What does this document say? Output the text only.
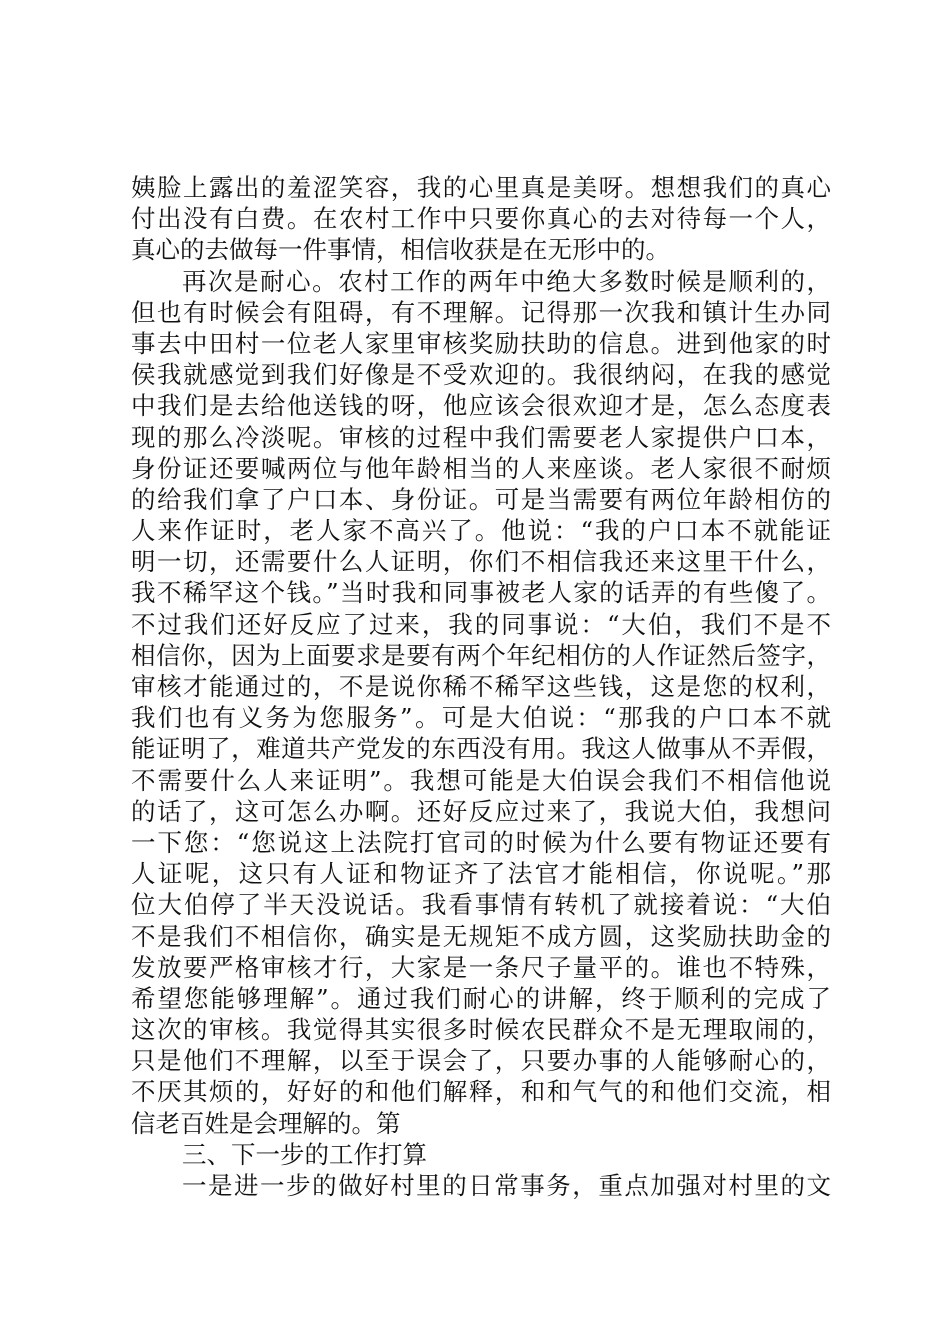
姨脸上露出的羞涩笑容，我的心里真是美呀。想想我们的真心
付出没有白费。在农村工作中只要你真心的去对待每一个人，
真心的去做每一件事情，相信收获是在无形中的。
再次是耐心。农村工作的两年中绝大多数时候是顺利的，
但也有时候会有阻碍，有不理解。记得那一次我和镇计生办同
事去中田村一位老人家里审核奖励扶助的信息。进到他家的时
侯我就感觉到我们好像是不受欢迎的。我很纳闷，在我的感觉
中我们是去给他送钱的呀，他应该会很欢迎才是，怎么态度表
现的那么冷淡呢。审核的过程中我们需要老人家提供户口本，
身份证还要喊两位与他年龄相当的人来座谈。老人家很不耐烦
的给我们拿了户口本、身份证。可是当需要有两位年龄相仿的
人来作证时，老人家不高兴了。他说：“我的户口本不就能证
明一切，还需要什么人证明，你们不相信我还来这里干什么，
我不稀罕这个钱。”当时我和同事被老人家的话弄的有些傻了。
不过我们还好反应了过来，我的同事说：“大伯，我们不是不
相信你，因为上面要求是要有两个年纪相仿的人作证然后签字，
审核才能通过的，不是说你稀不稀罕这些钱，这是您的权利，
我们也有义务为您服务”。可是大伯说：“那我的户口本不就
能证明了，难道共产党发的东西没有用。我这人做事从不弄假，
不需要什么人来证明”。我想可能是大伯误会我们不相信他说
的话了，这可怎么办啊。还好反应过来了，我说大伯，我想问
一下您：“您说这上法院打官司的时候为什么要有物证还要有
人证呢，这只有人证和物证齐了法官才能相信，你说呢。”那
位大伯停了半天没说话。我看事情有转机了就接着说：“大伯
不是我们不相信你，确实是无规矩不成方圆，这奖励扶助金的
发放要严格审核才行，大家是一条尺子量平的。谁也不特殊，
希望您能够理解”。通过我们耐心的讲解，终于顺利的完成了
这次的审核。我觉得其实很多时候农民群众不是无理取闹的，
只是他们不理解，以至于误会了，只要办事的人能够耐心的，
不厌其烦的，好好的和他们解释，和和气气的和他们交流，相
信老百姓是会理解的。第
三、下一步的工作打算
一是进一步的做好村里的日常事务，重点加强对村里的文
